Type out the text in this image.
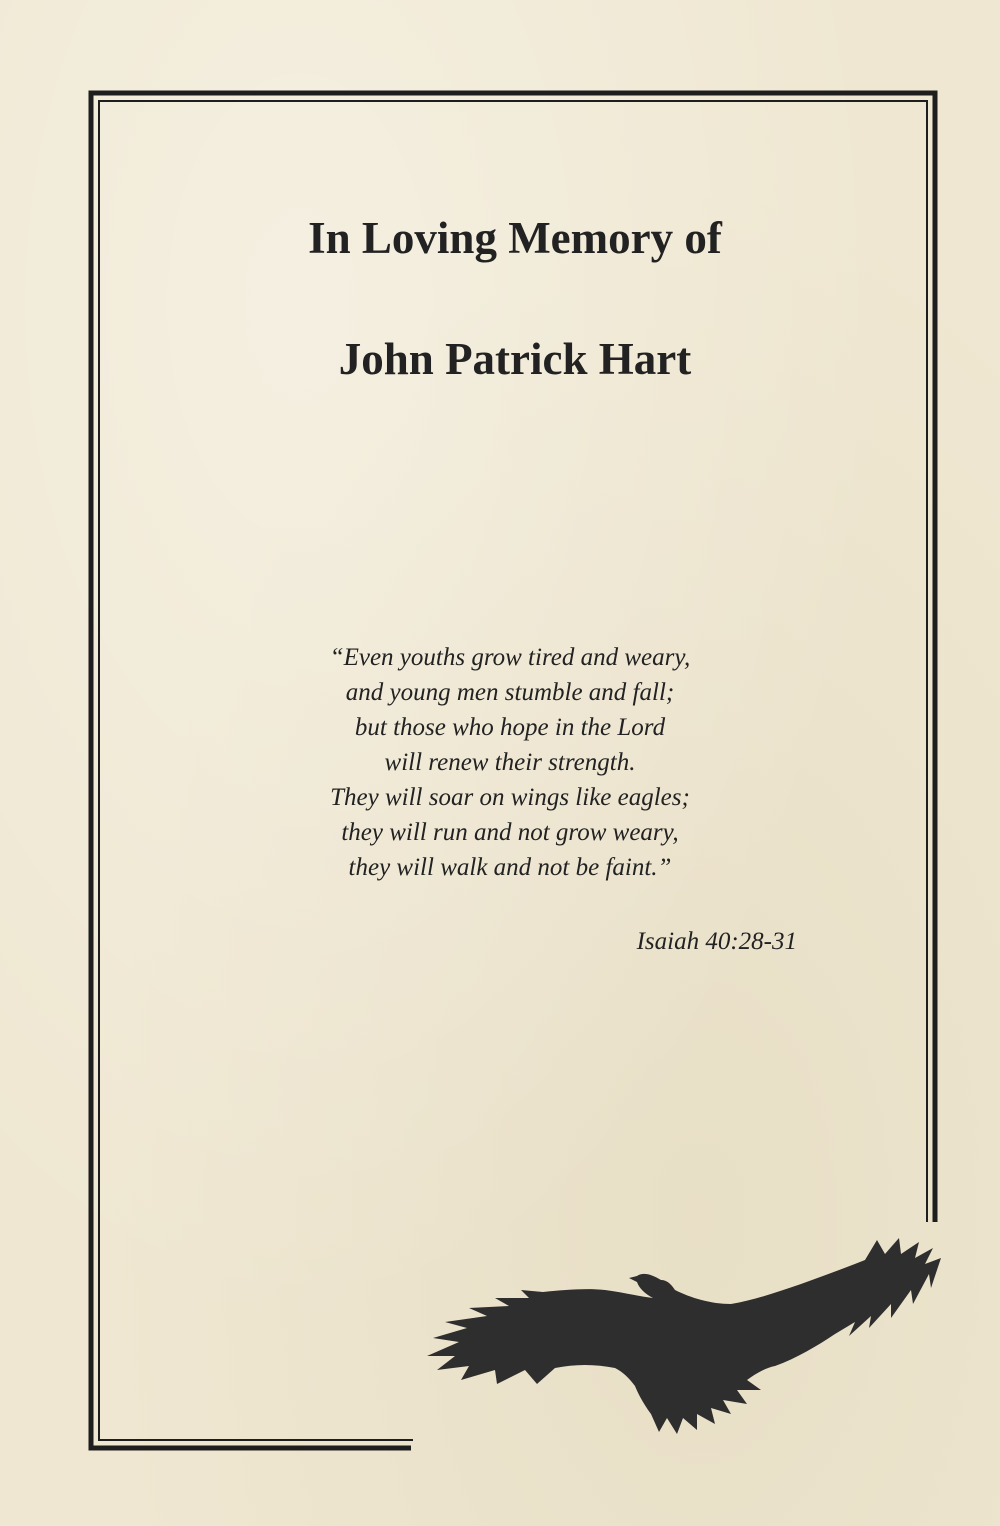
In Loving Memory of
John Patrick Hart
“Even youths grow tired and weary,
and young men stumble and fall;
but those who hope in the Lord
will renew their strength.
They will soar on wings like eagles;
they will run and not grow weary,
they will walk and not be faint.”
Isaiah 40:28-31
